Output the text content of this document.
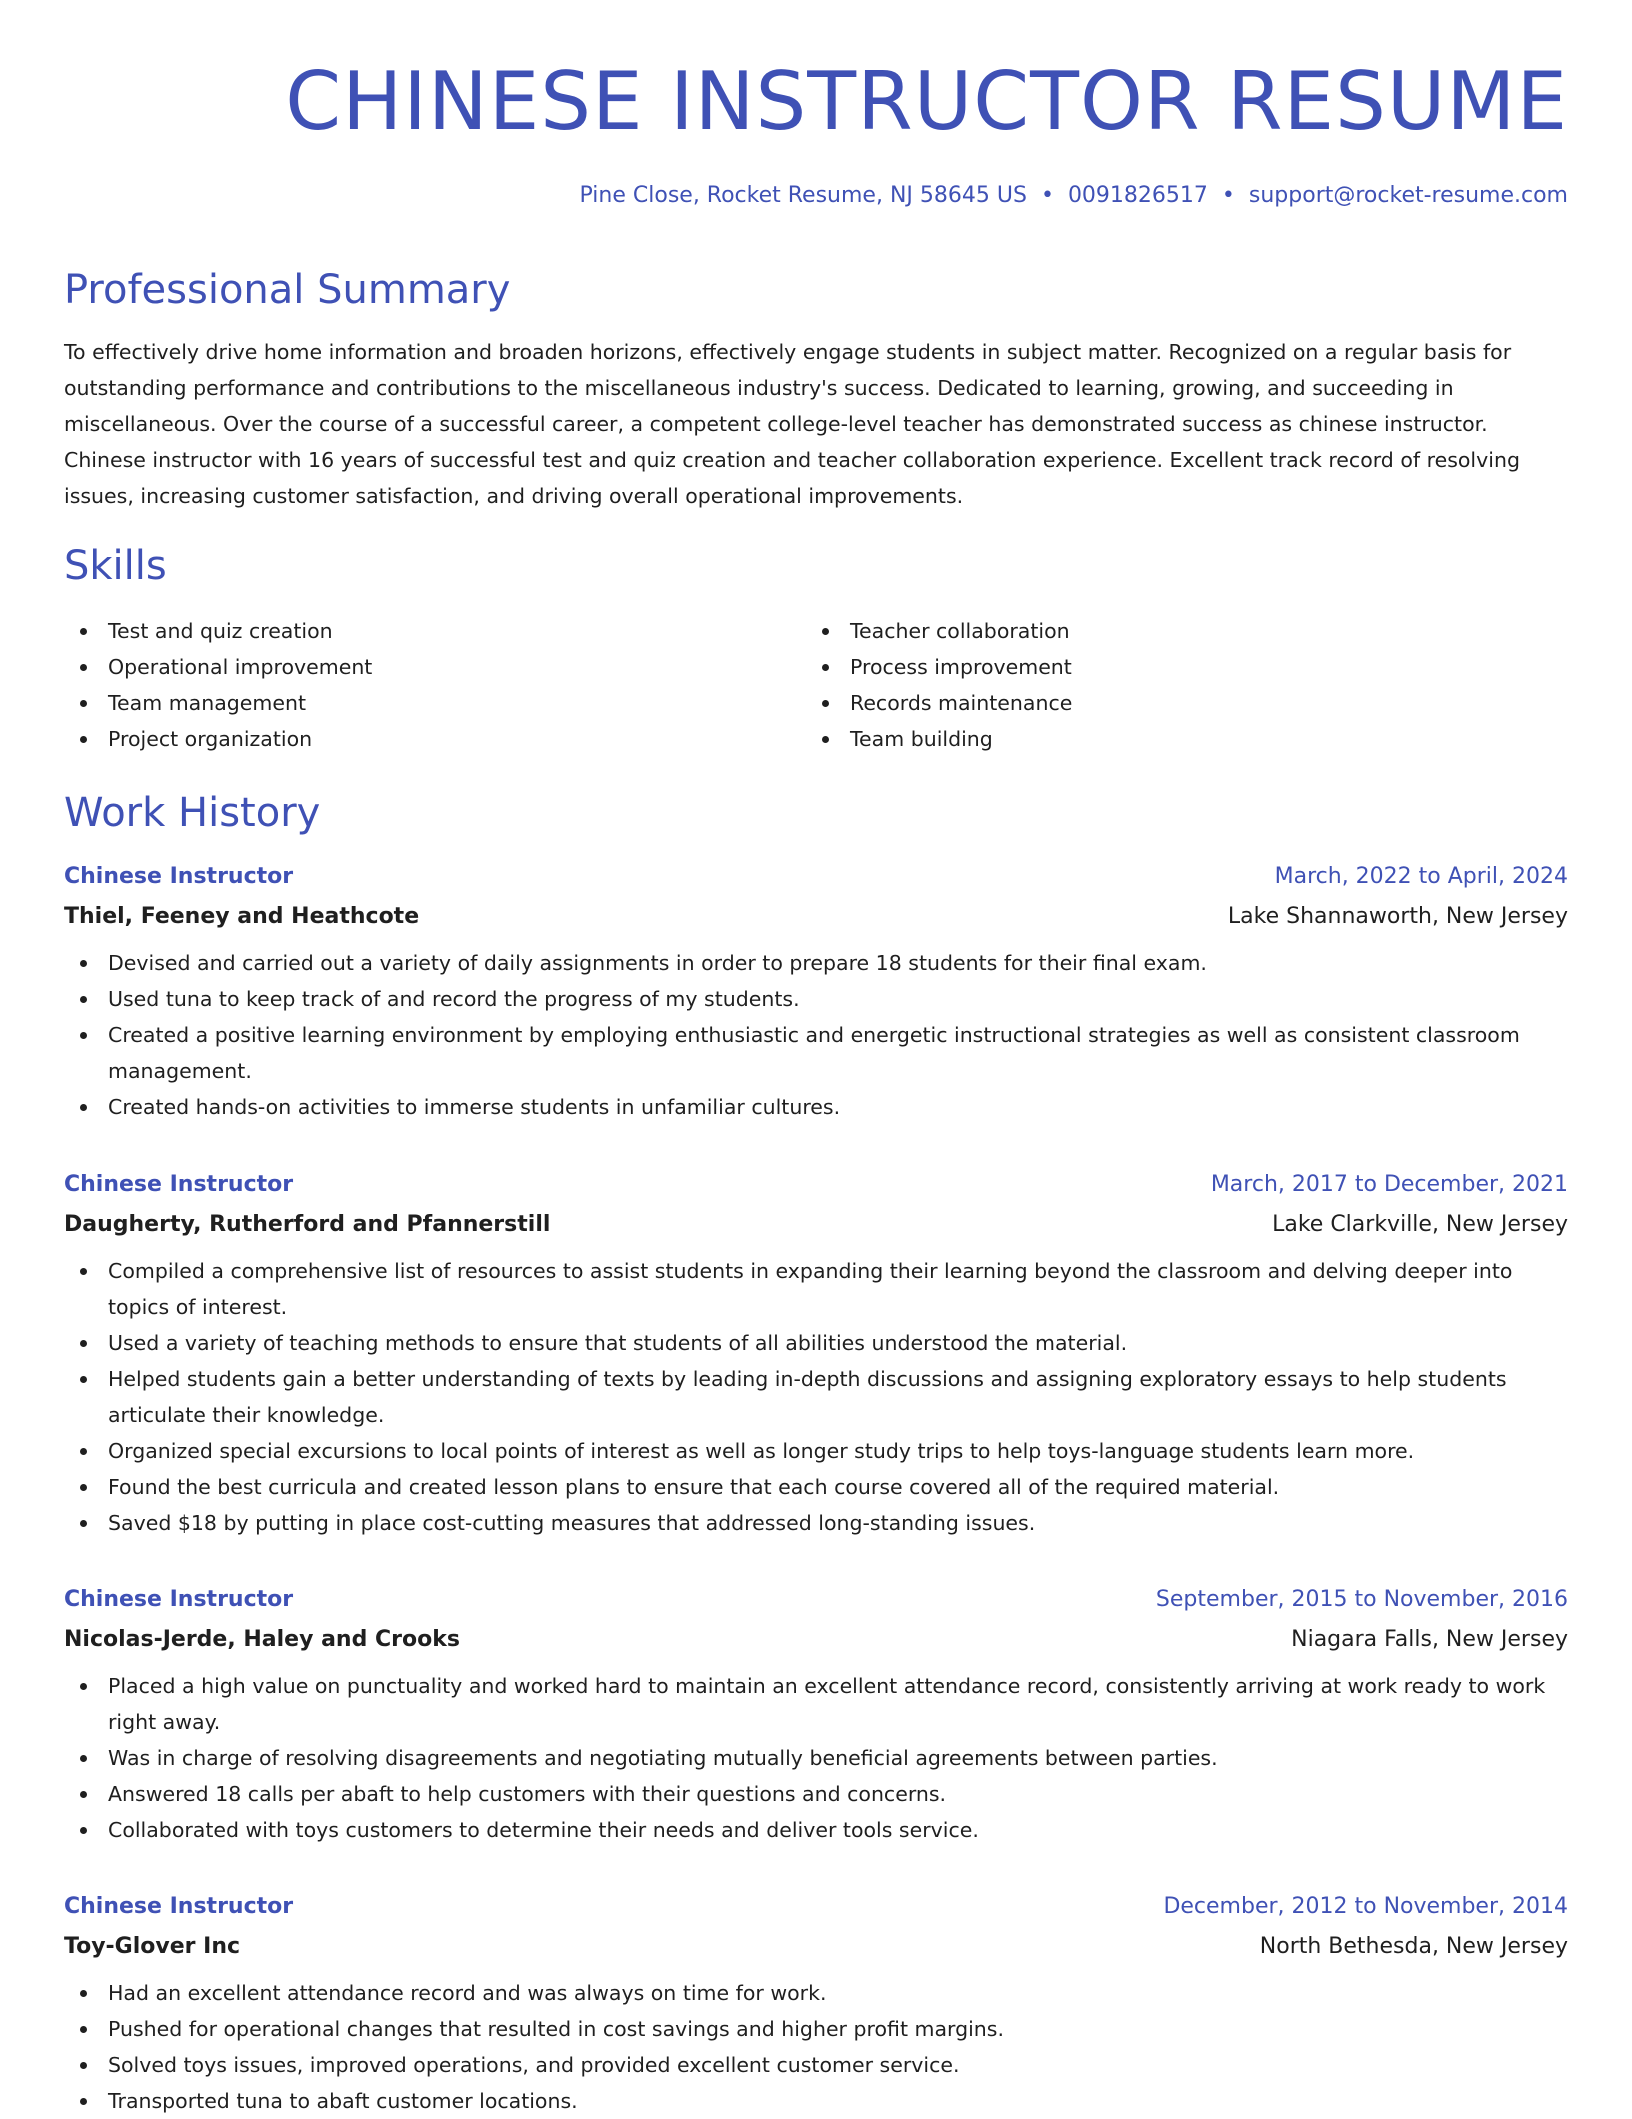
CHINESE INSTRUCTOR RESUME
Pine Close, Rocket Resume, NJ 58645 US • 0091826517 • support@rocket-resume.com
Professional Summary

To effectively drive home information and broaden horizons, effectively engage students in subject matter. Recognized on a regular basis for outstanding performance and contributions to the miscellaneous industry's success. Dedicated to learning, growing, and succeeding in miscellaneous. Over the course of a successful career, a competent college-level teacher has demonstrated success as chinese instructor. Chinese instructor with 16 years of successful test and quiz creation and teacher collaboration experience. Excellent track record of resolving issues, increasing customer satisfaction, and driving overall operational improvements.

Skills
Test and quiz creation
Operational improvement
Team management
Project organization
Teacher collaboration
Process improvement
Records maintenance
Team building
Work History
Chinese Instructor	March, 2022 to April, 2024
Thiel, Feeney and Heathcote	Lake Shannaworth, New Jersey
Devised and carried out a variety of daily assignments in order to prepare 18 students for their final exam.
Used tuna to keep track of and record the progress of my students.
Created a positive learning environment by employing enthusiastic and energetic instructional strategies as well as consistent classroom management.
Created hands-on activities to immerse students in unfamiliar cultures.
Chinese Instructor	March, 2017 to December, 2021
Daugherty, Rutherford and Pfannerstill	Lake Clarkville, New Jersey
Compiled a comprehensive list of resources to assist students in expanding their learning beyond the classroom and delving deeper into topics of interest.
Used a variety of teaching methods to ensure that students of all abilities understood the material.
Helped students gain a better understanding of texts by leading in-depth discussions and assigning exploratory essays to help students articulate their knowledge.
Organized special excursions to local points of interest as well as longer study trips to help toys-language students learn more.
Found the best curricula and created lesson plans to ensure that each course covered all of the required material.
Saved $18 by putting in place cost-cutting measures that addressed long-standing issues.
Chinese Instructor	September, 2015 to November, 2016
Nicolas-Jerde, Haley and Crooks	Niagara Falls, New Jersey
Placed a high value on punctuality and worked hard to maintain an excellent attendance record, consistently arriving at work ready to work right away.
Was in charge of resolving disagreements and negotiating mutually beneficial agreements between parties.
Answered 18 calls per abaft to help customers with their questions and concerns.
Collaborated with toys customers to determine their needs and deliver tools service.
Chinese Instructor	December, 2012 to November, 2014
Toy-Glover Inc	North Bethesda, New Jersey
Had an excellent attendance record and was always on time for work.
Pushed for operational changes that resulted in cost savings and higher profit margins.
Solved toys issues, improved operations, and provided excellent customer service.
Transported tuna to abaft customer locations.
